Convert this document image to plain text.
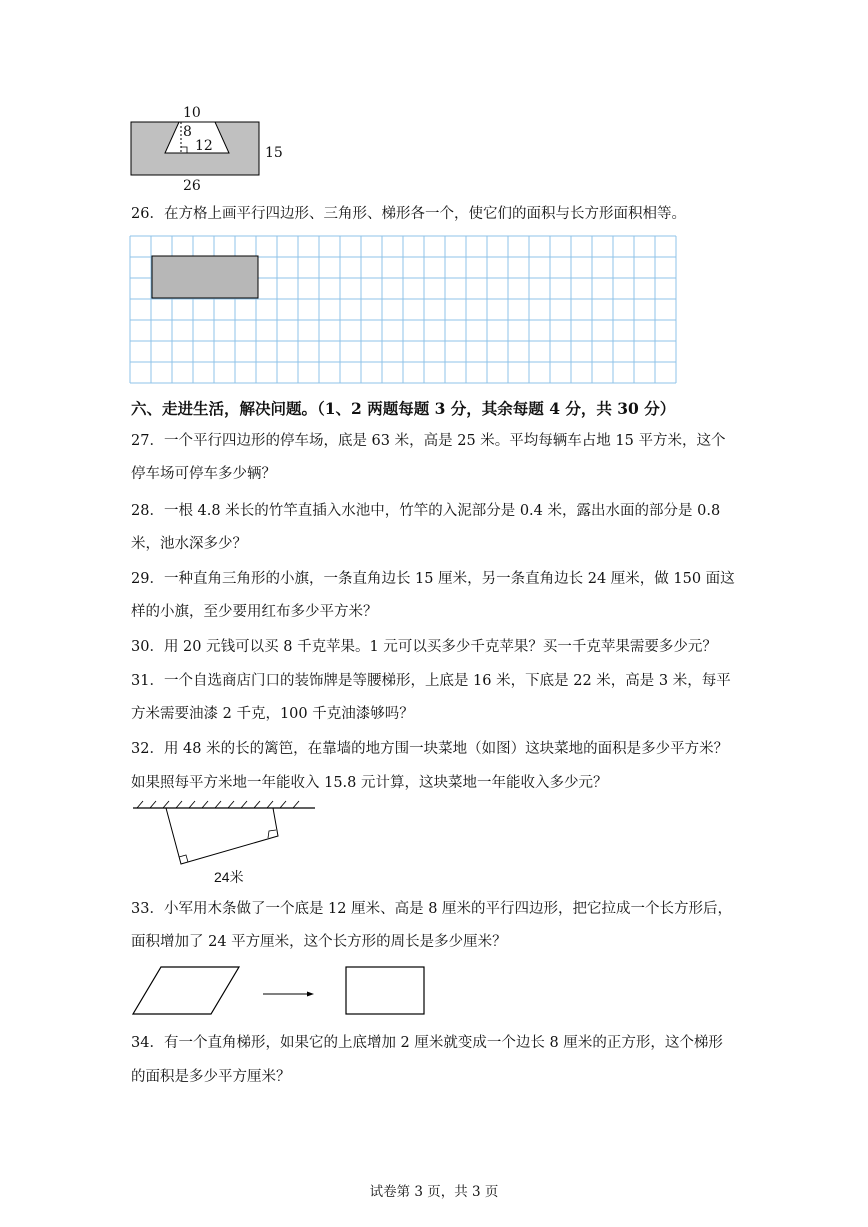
10
8
12	15
26
26．在方格上画平行四边形、三角形、梯形各一个，使它们的面积与长方形面积相等。
六、走进生活，解决问题。（1、2 两题每题 3 分，其余每题 4 分，共 30 分）
27．一个平行四边形的停车场，底是 63 米，高是 25 米。平均每辆车占地 15 平方米，这个
停车场可停车多少辆？
28．一根 4.8 米长的竹竿直插入水池中，竹竿的入泥部分是 0.4 米，露出水面的部分是 0.8
米，池水深多少？
29．一种直角三角形的小旗，一条直角边长 15 厘米，另一条直角边长 24 厘米，做 150 面这
样的小旗，至少要用红布多少平方米？
30．用 20 元钱可以买 8 千克苹果。1 元可以买多少千克苹果？买一千克苹果需要多少元？
31．一个自选商店门口的装饰牌是等腰梯形，上底是 16 米，下底是 22 米，高是 3 米，每平
方米需要油漆 2 千克，100 千克油漆够吗？
32．用 48 米的长的篱笆，在靠墙的地方围一块菜地（如图）这块菜地的面积是多少平方米？
如果照每平方米地一年能收入 15.8 元计算，这块菜地一年能收入多少元？
24米
33．小军用木条做了一个底是 12 厘米、高是 8 厘米的平行四边形，把它拉成一个长方形后，
面积增加了 24 平方厘米，这个长方形的周长是多少厘米？
34．有一个直角梯形，如果它的上底增加 2 厘米就变成一个边长 8 厘米的正方形，这个梯形
的面积是多少平方厘米？
试卷第 3 页，共 3 页
